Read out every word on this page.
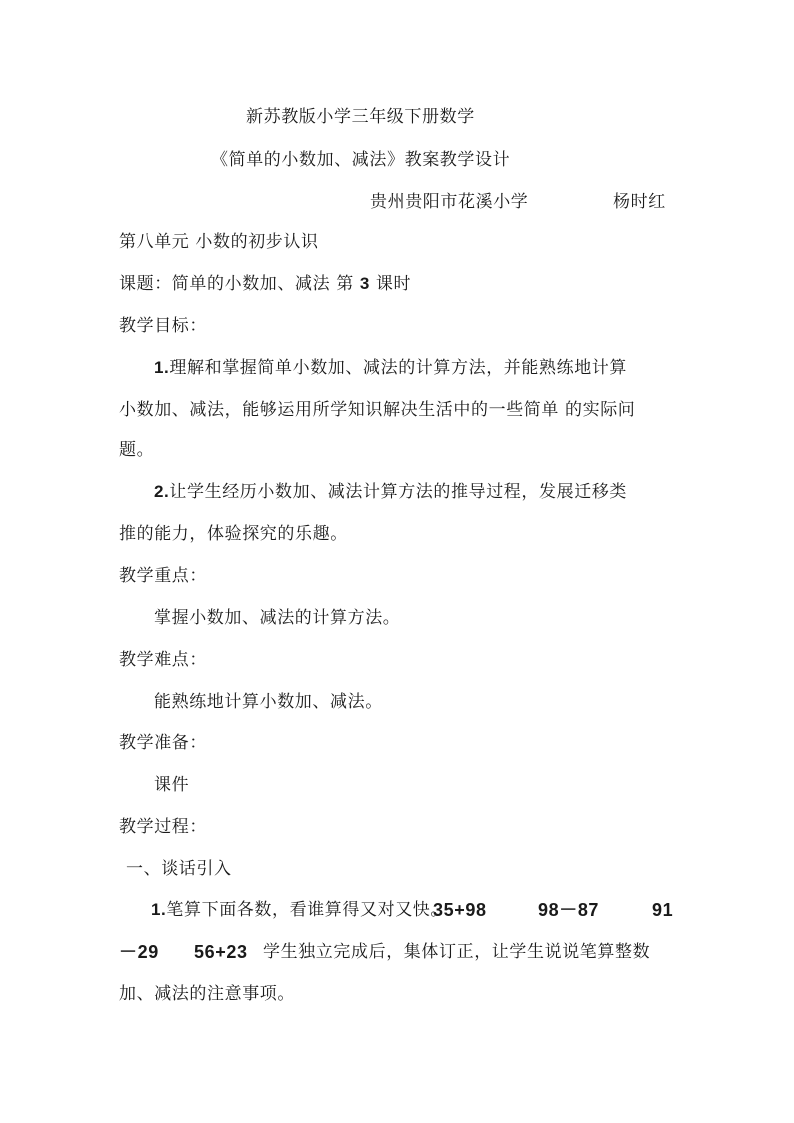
新苏教版小学三年级下册数学
《简单的小数加、减法》教案教学设计
贵州贵阳市花溪小学	杨时红
第八单元 小数的初步认识
课题：简单的小数加、减法 第 3 课时
教学目标：
1.理解和掌握简单小数加、减法的计算方法，并能熟练地计算
小数加、减法，能够运用所学知识解决生活中的一些简单 的实际问
题。
2.让学生经历小数加、减法计算方法的推导过程，发展迁移类
推的能力，体验探究的乐趣。
教学重点：
掌握小数加、减法的计算方法。
教学难点：
能熟练地计算小数加、减法。
教学准备：
课件
教学过程：
一、谈话引入
1.笔算下面各数，看谁算得又对又快。
35+98	98－87	91
－29 56+23 学生独立完成后，集体订正，让学生说说笔算整数
加、减法的注意事项。
